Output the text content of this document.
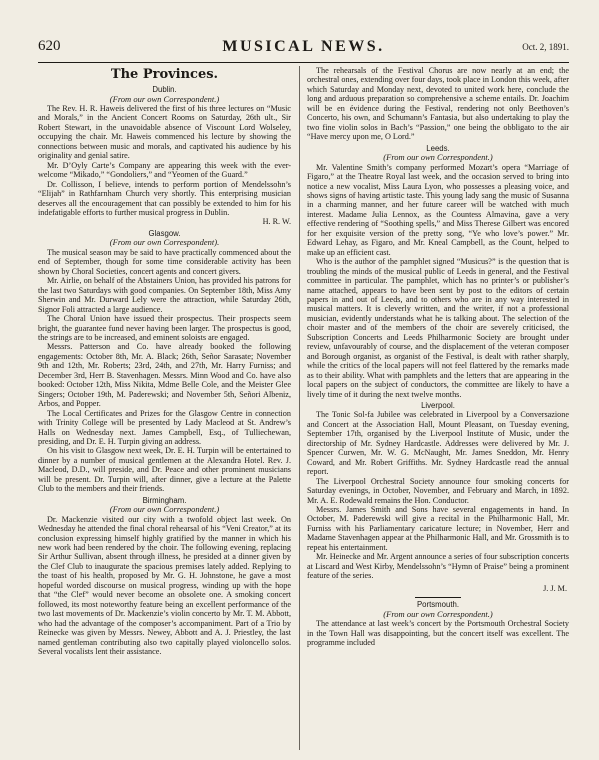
620	MUSICAL NEWS.	Oct. 2, 1891.
The Provinces.
Dublin.
(From our own Correspondent.)

The Rev. H. R. Haweis delivered the first of his three lectures on “Music and Morals,” in the Ancient Concert Rooms on Saturday, 26th ult., Sir Robert Stewart, in the unavoidable absence of Viscount Lord Wolseley, occupying the chair. Mr. Haweis commenced his lecture by showing the connections between music and morals, and captivated his audience by his originality and genial satire.

Mr. D’Oyly Carte’s Company are appearing this week with the ever-welcome “Mikado,” “Gondoliers,” and “Yeomen of the Guard.”

Dr. Collisson, I believe, intends to perform portion of Mendelssohn’s “Elijah” in Rathfarnham Church very shortly. This enterprising musician deserves all the encouragement that can possibly be extended to him for his indefatigable efforts to further musical progress in Dublin.

H. R. W.

Glasgow.
(From our own Correspondent).

The musical season may be said to have practically commenced about the end of September, though for some time considerable activity has been shown by Choral Societies, concert agents and concert givers.

Mr. Airlie, on behalf of the Abstainers Union, has provided his patrons for the last two Saturdays with good companies. On September 18th, Miss Amy Sherwin and Mr. Durward Lely were the attraction, while Saturday 26th, Signor Foli attracted a large audience.

The Choral Union have issued their prospectus. Their prospects seem bright, the guarantee fund never having been larger. The prospectus is good, the strings are to be increased, and eminent soloists are engaged.

Messrs. Patterson and Co. have already booked the following engagements: October 8th, Mr. A. Black; 26th, Señor Sarasate; November 9th and 12th, Mr. Roberts; 23rd, 24th, and 27th, Mr. Harry Furniss; and December 3rd, Herr B. Stavenhagen. Messrs. Minn Wood and Co. have also booked: October 12th, Miss Nikita, Mdme Belle Cole, and the Meister Glee Singers; October 19th, M. Paderewski; and November 5th, Señori Albeniz, Arbos, and Popper.

The Local Certificates and Prizes for the Glasgow Centre in connection with Trinity College will be presented by Lady Macleod at St. Andrew’s Halls on Wednesday next. James Campbell, Esq., of Tulliechewan, presiding, and Dr. E. H. Turpin giving an address.

On his visit to Glasgow next week, Dr. E. H. Turpin will be entertained to dinner by a number of musical gentlemen at the Alexandra Hotel. Rev. J. Macleod, D.D., will preside, and Dr. Peace and other prominent musicians will be present. Dr. Turpin will, after dinner, give a lecture at the Palette Club to the members and their friends.

Birmingham.
(From our own Correspondent.)

Dr. Mackenzie visited our city with a twofold object last week. On Wednesday he attended the final choral rehearsal of his “Veni Creator,” at its conclusion expressing himself highly gratified by the manner in which his new work had been rendered by the choir. The following evening, replacing Sir Arthur Sullivan, absent through illness, he presided at a dinner given by the Clef Club to inaugurate the spacious premises lately added. Replying to the toast of his health, proposed by Mr. G. H. Johnstone, he gave a most hopeful worded discourse on musical progress, winding up with the hope that “the Clef” would never become an obsolete one. A smoking concert followed, its most noteworthy feature being an excellent performance of the two last movements of Dr. Mackenzie’s violin concerto by Mr. T. M. Abbott, who had the advantage of the composer’s accompaniment. Part of a Trio by Reinecke was given by Messrs. Newey, Abbott and A. J. Priestley, the last named gentleman contributing also two capitally played violoncello solos. Several vocalists lent their assistance.

The rehearsals of the Festival Chorus are now nearly at an end; the orchestral ones, extending over four days, took place in London this week, after which Saturday and Monday next, devoted to united work here, conclude the long and arduous preparation so comprehensive a scheme entails. Dr. Joachim will be en évidence during the Festival, rendering not only Beethoven’s Concerto, his own, and Schumann’s Fantasia, but also undertaking to play the two fine violin solos in Bach’s “Passion,” one being the obbligato to the air “Have mercy upon me, O Lord.”

Leeds.
(From our own Correspondent.)

Mr. Valentine Smith’s company performed Mozart’s opera “Marriage of Figaro,” at the Theatre Royal last week, and the occasion served to bring into notice a new vocalist, Miss Laura Lyon, who possesses a pleasing voice, and shows signs of having artistic taste. This young lady sang the music of Susanna in a charming manner, and her future career will be watched with much interest. Madame Julia Lennox, as the Countess Almavina, gave a very effective rendering of “Soothing spells,” and Miss Therese Gilbert was encored for her exquisite version of the pretty song, “Ye who love’s power.” Mr. Edward Lehay, as Figaro, and Mr. Kneal Campbell, as the Count, helped to make up an efficient cast.

Who is the author of the pamphlet signed “Musicus?” is the question that is troubling the minds of the musical public of Leeds in general, and the Festival committee in particular. The pamphlet, which has no printer’s or publisher’s name attached, appears to have been sent by post to the editors of certain papers in and out of Leeds, and to others who are in any way interested in musical matters. It is cleverly written, and the writer, if not a professional musician, evidently understands what he is talking about. The selection of the choir master and of the members of the choir are severely criticised, the Subscription Concerts and Leeds Philharmonic Society are brought under review, unfavourably of course, and the displacement of the veteran composer and Borough organist, as organist of the Festival, is dealt with rather sharply, while the critics of the local papers will not feel flattered by the remarks made as to their ability. What with pamphlets and the letters that are appearing in the local papers on the subject of conductors, the committee are likely to have a lively time of it during the next twelve months.

Liverpool.

The Tonic Sol-fa Jubilee was celebrated in Liverpool by a Conversazione and Concert at the Association Hall, Mount Pleasant, on Tuesday evening, September 17th, organised by the Liverpool Institute of Music, under the directorship of Mr. Sydney Hardcastle. Addresses were delivered by Mr. J. Spencer Curwen, Mr. W. G. McNaught, Mr. James Sneddon, Mr. Henry Coward, and Mr. Robert Griffiths. Mr. Sydney Hardcastle read the annual report.

The Liverpool Orchestral Society announce four smoking concerts for Saturday evenings, in October, November, and February and March, in 1892. Mr. A. E. Rodewald remains the Hon. Conductor.

Messrs. James Smith and Sons have several engagements in hand. In October, M. Paderewski will give a recital in the Philharmonic Hall, Mr. Furniss with his Parliamentary caricature lecture; in November, Herr and Madame Stavenhagen appear at the Philharmonic Hall, and Mr. Grossmith is to repeat his entertainment.

Mr. Heinecke and Mr. Argent announce a series of four subscription concerts at Liscard and West Kirby, Mendelssohn’s “Hymn of Praise” being a prominent feature of the series.

J. J. M.

Portsmouth.
(From our own Correspondent.)

The attendance at last week’s concert by the Portsmouth Orchestral Society in the Town Hall was disappointing, but the concert itself was excellent. The programme included
